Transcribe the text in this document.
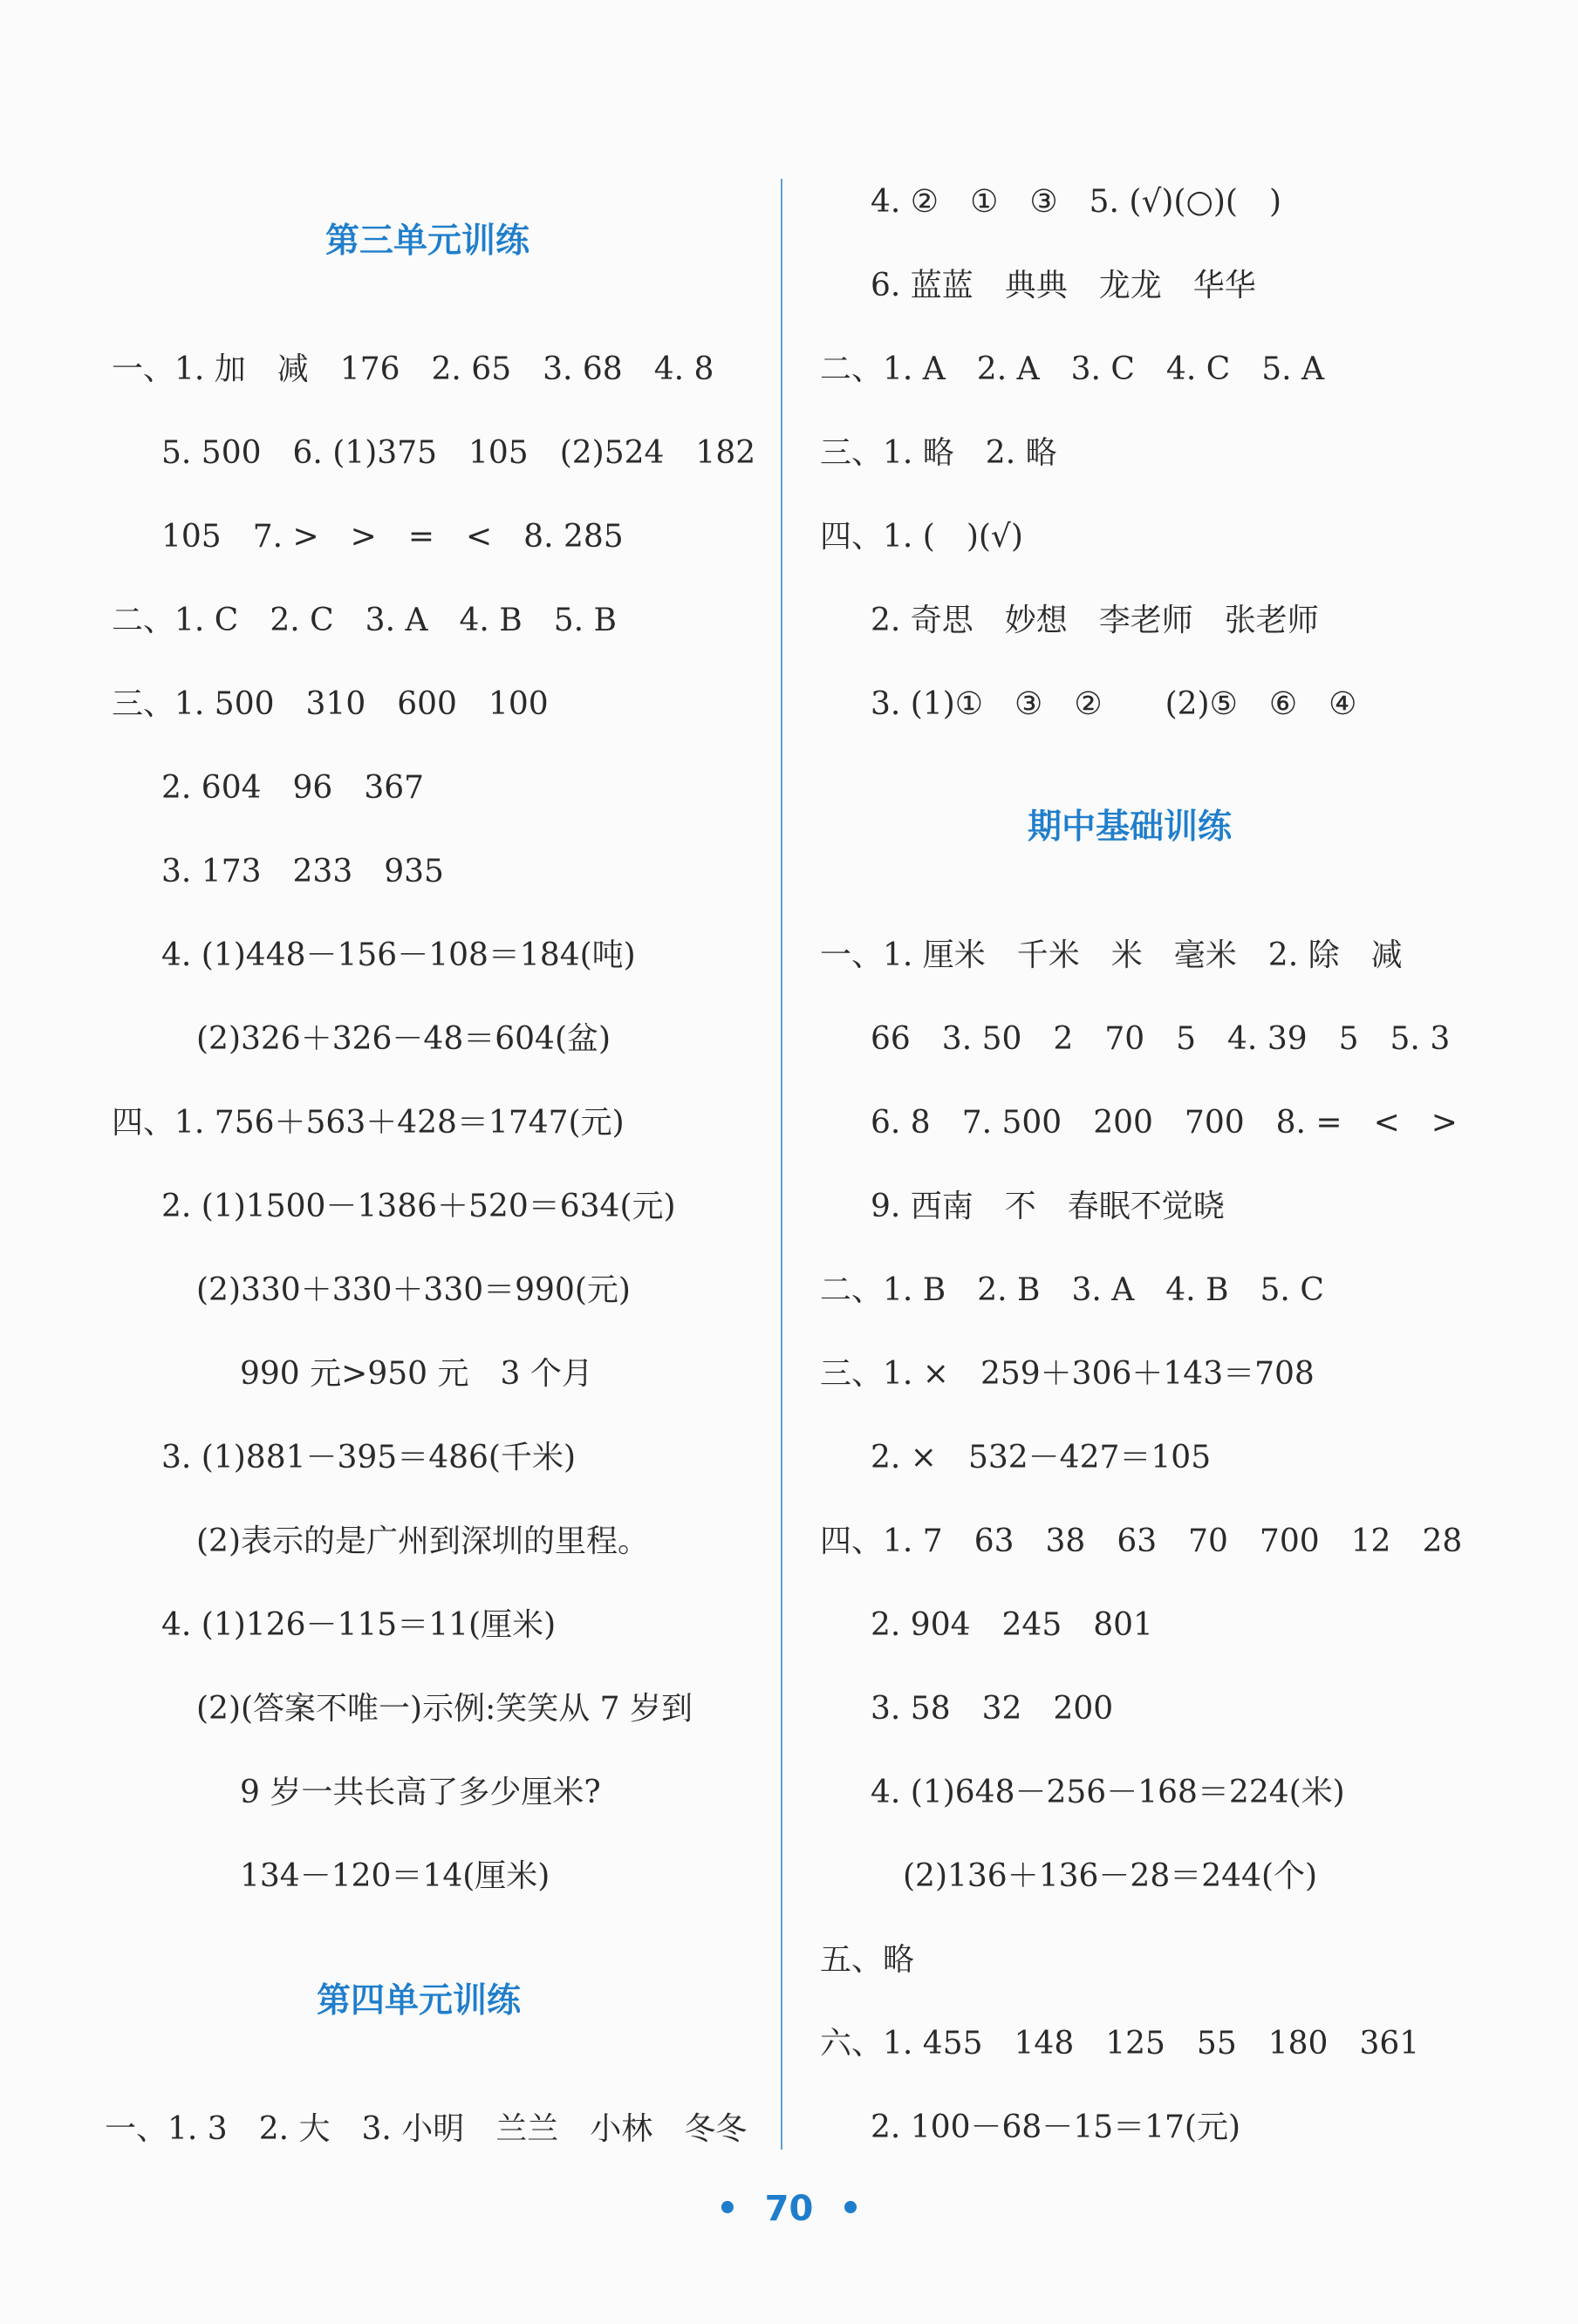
第三单元训练
一、1. 加　减　176　2. 65　3. 68　4. 8
5. 500　6. (1)375　105　(2)524　182
105　7. >　>　=　<　8. 285
二、1. C　2. C　3. A　4. B　5. B
三、1. 500　310　600　100
2. 604　96　367
3. 173　233　935
4. (1)448－156－108＝184(吨)
(2)326＋326－48＝604(盆)
四、1. 756＋563＋428＝1747(元)
2. (1)1500－1386＋520＝634(元)
(2)330＋330＋330＝990(元)
990 元>950 元　3 个月
3. (1)881－395＝486(千米)
(2)表示的是广州到深圳的里程。
4. (1)126－115＝11(厘米)
(2)(答案不唯一)示例:笑笑从 7 岁到
9 岁一共长高了多少厘米?
134－120＝14(厘米)
第四单元训练
一、1. 3　2. 大　3. 小明　兰兰　小林　冬冬
4. ②　①　③　5. (√)(○)(　)
6. 蓝蓝　典典　龙龙　华华
二、1. A　2. A　3. C　4. C　5. A
三、1. 略　2. 略
四、1. (　)(√)
2. 奇思　妙想　李老师　张老师
3. (1)①　③　②　　(2)⑤　⑥　④
期中基础训练
一、1. 厘米　千米　米　毫米　2. 除　减
66　3. 50　2　70　5　4. 39　5　5. 3
6. 8　7. 500　200　700　8. =　<　>
9. 西南　不　春眠不觉晓
二、1. B　2. B　3. A　4. B　5. C
三、1. ×　259＋306＋143＝708
2. ×　532－427＝105
四、1. 7　63　38　63　70　700　12　28
2. 904　245　801
3. 58　32　200
4. (1)648－256－168＝224(米)
(2)136＋136－28＝244(个)
五、略
六、1. 455　148　125　55　180　361
2. 100－68－15＝17(元)
• 70 •
